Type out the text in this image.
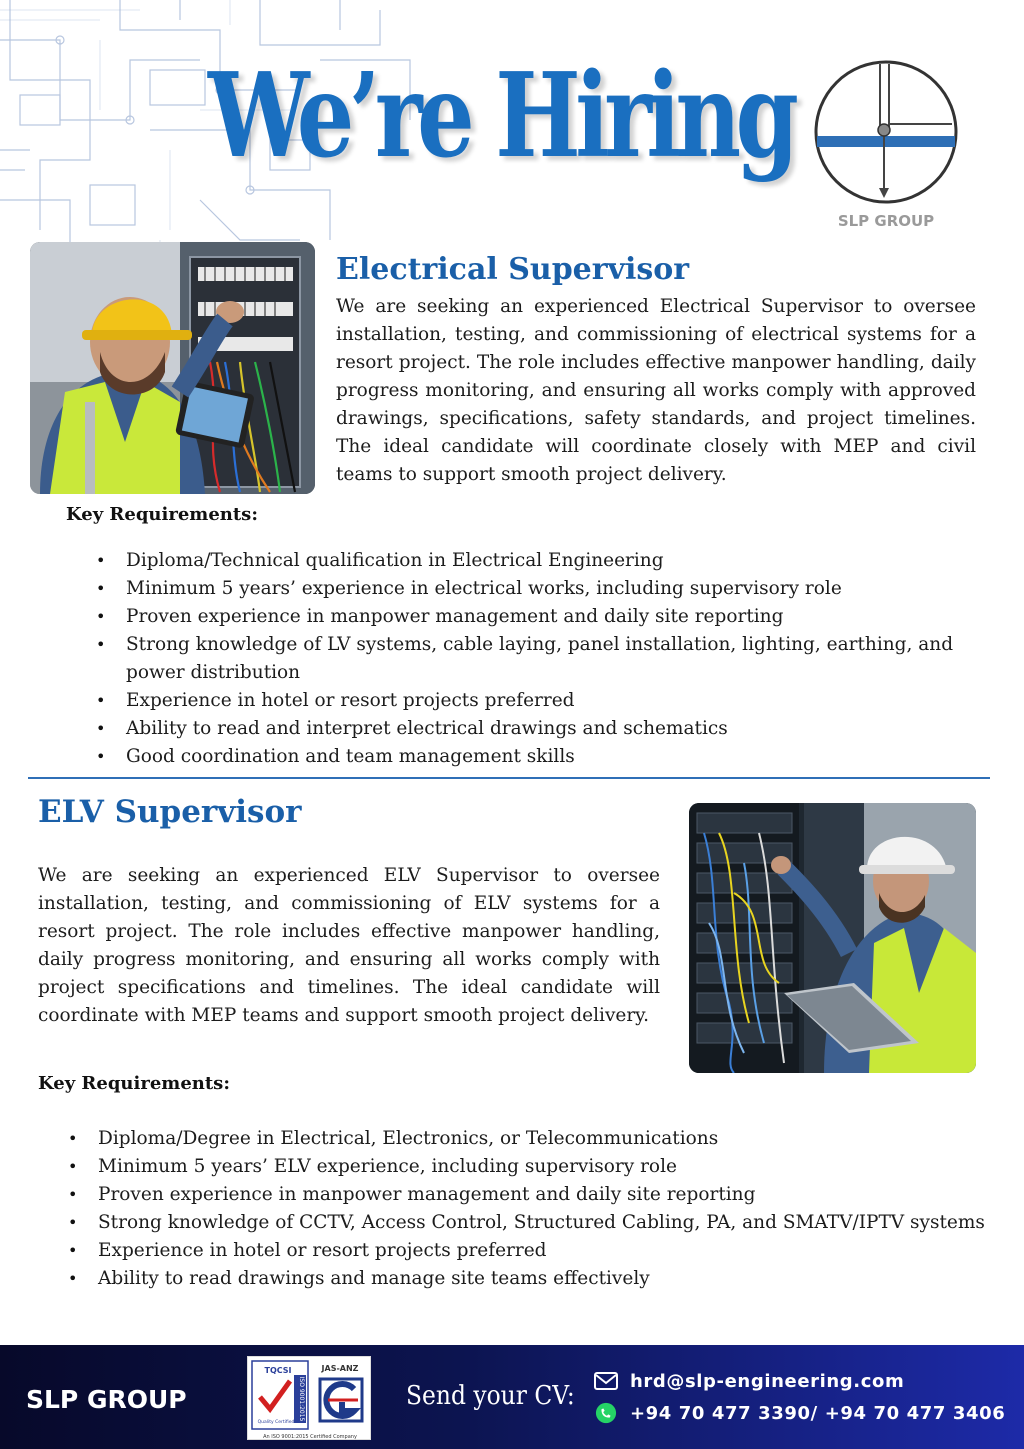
We’re Hiring
SLP GROUP
Electrical Supervisor

We are seeking an experienced Electrical Supervisor to oversee installation, testing, and commissioning of electrical systems for a resort project. The role includes effective manpower handling, daily progress monitoring, and ensuring all works comply with approved drawings, specifications, safety standards, and project timelines. The ideal candidate will coordinate closely with MEP and civil teams to support smooth project delivery.

Key Requirements:
• Diploma/Technical qualification in Electrical Engineering
• Minimum 5 years’ experience in electrical works, including supervisory role
• Proven experience in manpower management and daily site reporting
• Strong knowledge of LV systems, cable laying, panel installation, lighting, earthing, and power distribution
• Experience in hotel or resort projects preferred
• Ability to read and interpret electrical drawings and schematics
• Good coordination and team management skills
ELV Supervisor

We are seeking an experienced ELV Supervisor to oversee installation, testing, and commissioning of ELV systems for a resort project. The role includes effective manpower handling, daily progress monitoring, and ensuring all works comply with project specifications and timelines. The ideal candidate will coordinate with MEP teams and support smooth project delivery.

Key Requirements:
• Diploma/Degree in Electrical, Electronics, or Telecommunications
• Minimum 5 years’ ELV experience, including supervisory role
• Proven experience in manpower management and daily site reporting
• Strong knowledge of CCTV, Access Control, Structured Cabling, PA, and SMATV/IPTV systems
• Experience in hotel or resort projects preferred
• Ability to read drawings and manage site teams effectively
SLP GROUP
TQCSI
ISO 9001:2015
Quality Certified
JAS-ANZ
An ISO 9001:2015 Certified Company
Send your CV:	hrd@slp-engineering.com
+94 70 477 3390/ +94 70 477 3406
